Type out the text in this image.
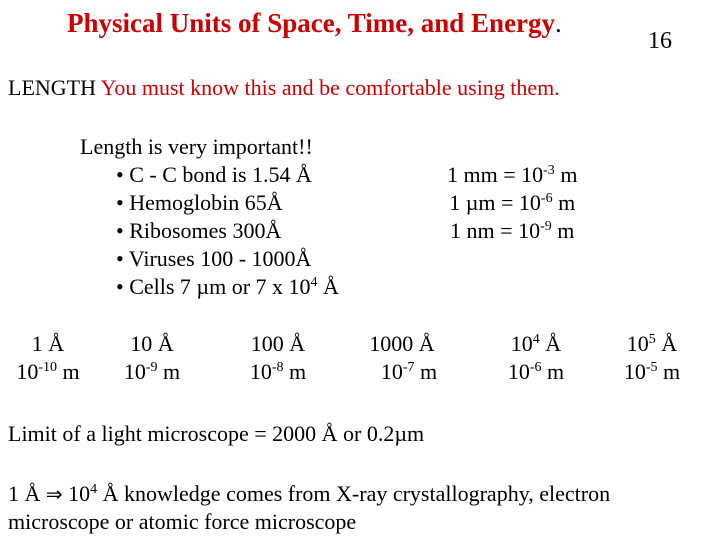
Physical Units of Space, Time, and Energy.
16
LENGTH You must know this and be comfortable using them.
Length is very important!!
• C - C bond is 1.54 Å
• Hemoglobin 65Å
• Ribosomes 300Å
• Viruses 100 - 1000Å
• Cells 7 µm or 7 x $10^4$ Å
1 mm = $10^{-3}$ m
1 $\mu m = 10^{-6}$ m
1 nm = $10^{-9}$ m
1 Å
$10^{-10}$ m
10 Å
$10^{-9}$ m
100 Å
$10^{-8}$ m
1000 Å
$10^{-7}$ m
$10^4$ Å
$10^{-6}$ m
$10^5$ Å
$10^{-5}$ m
Limit of a light microscope = 2000 Å or 0.2µm
1 Å ⇒ $10^4$ Å knowledge comes from X-ray crystallography, electron microscope or atomic force microscope
